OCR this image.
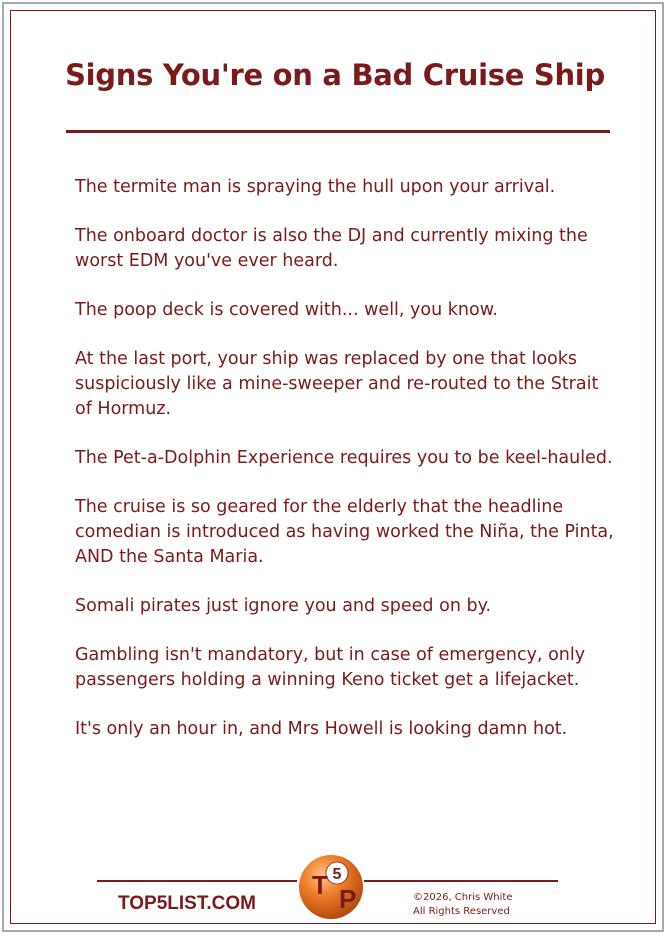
Signs You're on a Bad Cruise Ship
The termite man is spraying the hull upon your arrival.
The onboard doctor is also the DJ and currently mixing the worst EDM you've ever heard.
The poop deck is covered with... well, you know.
At the last port, your ship was replaced by one that looks suspiciously like a mine-sweeper and re-routed to the Strait of Hormuz.
The Pet-a-Dolphin Experience requires you to be keel-hauled.
The cruise is so geared for the elderly that the headline comedian is introduced as having worked the Niña, the Pinta, AND the Santa Maria.
Somali pirates just ignore you and speed on by.
Gambling isn't mandatory, but in case of emergency, only passengers holding a winning Keno ticket get a lifejacket.
It's only an hour in, and Mrs Howell is looking damn hot.
TOP5LIST.COM
T 5
P	©2026, Chris White
All Rights Reserved
